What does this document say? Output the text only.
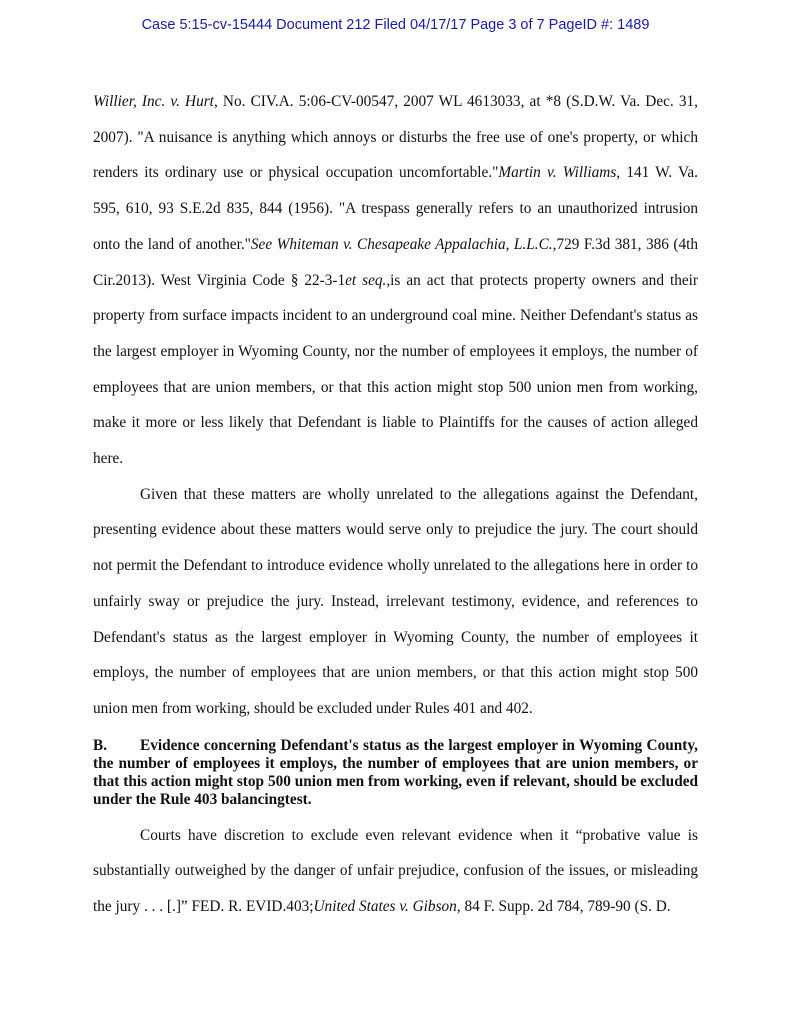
Case 5:15-cv-15444 Document 212 Filed 04/17/17 Page 3 of 7 PageID #: 1489

Willier, Inc. v. Hurt, No. CIV.A. 5:06-CV-00547, 2007 WL 4613033, at *8 (S.D.W. Va. Dec. 31, 2007). "A nuisance is anything which annoys or disturbs the free use of one's property, or which renders its ordinary use or physical occupation uncomfortable."Martin v. Williams, 141 W. Va. 595, 610, 93 S.E.2d 835, 844 (1956). "A trespass generally refers to an unauthorized intrusion onto the land of another."See Whiteman v. Chesapeake Appalachia, L.L.C.,729 F.3d 381, 386 (4th Cir.2013). West Virginia Code § 22-3-1et seq.,is an act that protects property owners and their property from surface impacts incident to an underground coal mine. Neither Defendant's status as the largest employer in Wyoming County, nor the number of employees it employs, the number of employees that are union members, or that this action might stop 500 union men from working, make it more or less likely that Defendant is liable to Plaintiffs for the causes of action alleged here.

Given that these matters are wholly unrelated to the allegations against the Defendant, presenting evidence about these matters would serve only to prejudice the jury. The court should not permit the Defendant to introduce evidence wholly unrelated to the allegations here in order to unfairly sway or prejudice the jury. Instead, irrelevant testimony, evidence, and references to Defendant's status as the largest employer in Wyoming County, the number of employees it employs, the number of employees that are union members, or that this action might stop 500 union men from working, should be excluded under Rules 401 and 402.

B. Evidence concerning Defendant's status as the largest employer in Wyoming County, the number of employees it employs, the number of employees that are union members, or that this action might stop 500 union men from working, even if relevant, should be excluded under the Rule 403 balancingtest.

Courts have discretion to exclude even relevant evidence when it “probative value is substantially outweighed by the danger of unfair prejudice, confusion of the issues, or misleading the jury . . . [.]” FED. R. EVID.403;United States v. Gibson, 84 F. Supp. 2d 784, 789-90 (S. D.
